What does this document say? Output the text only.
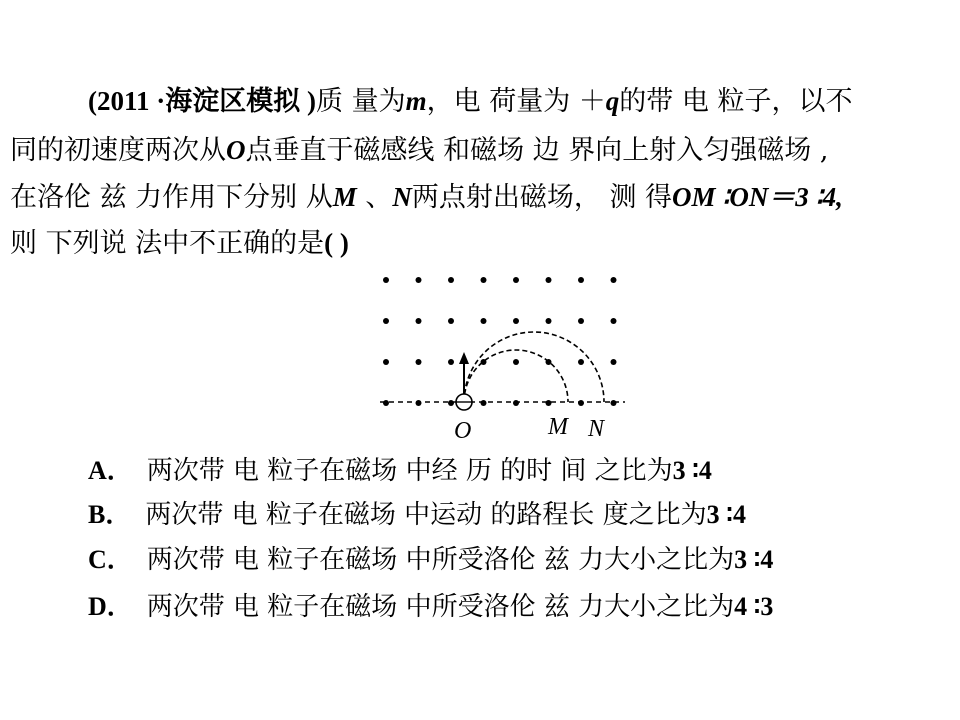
(2011 ·海淀区模拟 )质 量为m，电 荷量为 ＋q的带 电 粒子，以不
同的初速度两次从O点垂直于磁感线 和磁场 边 界向上射入匀强磁场 ,
在洛伦 兹 力作用下分别 从M 、N两点射出磁场， 测 得OM ∶ON＝3 ∶4,
则 下列说 法中不正确的是( )
O	M N
A． 两次带 电 粒子在磁场 中经 历 的时 间 之比为3 ∶4
B． 两次带 电 粒子在磁场 中运动 的路程长 度之比为3 ∶4
C． 两次带 电 粒子在磁场 中所受洛伦 兹 力大小之比为3 ∶4
D． 两次带 电 粒子在磁场 中所受洛伦 兹 力大小之比为4 ∶3
